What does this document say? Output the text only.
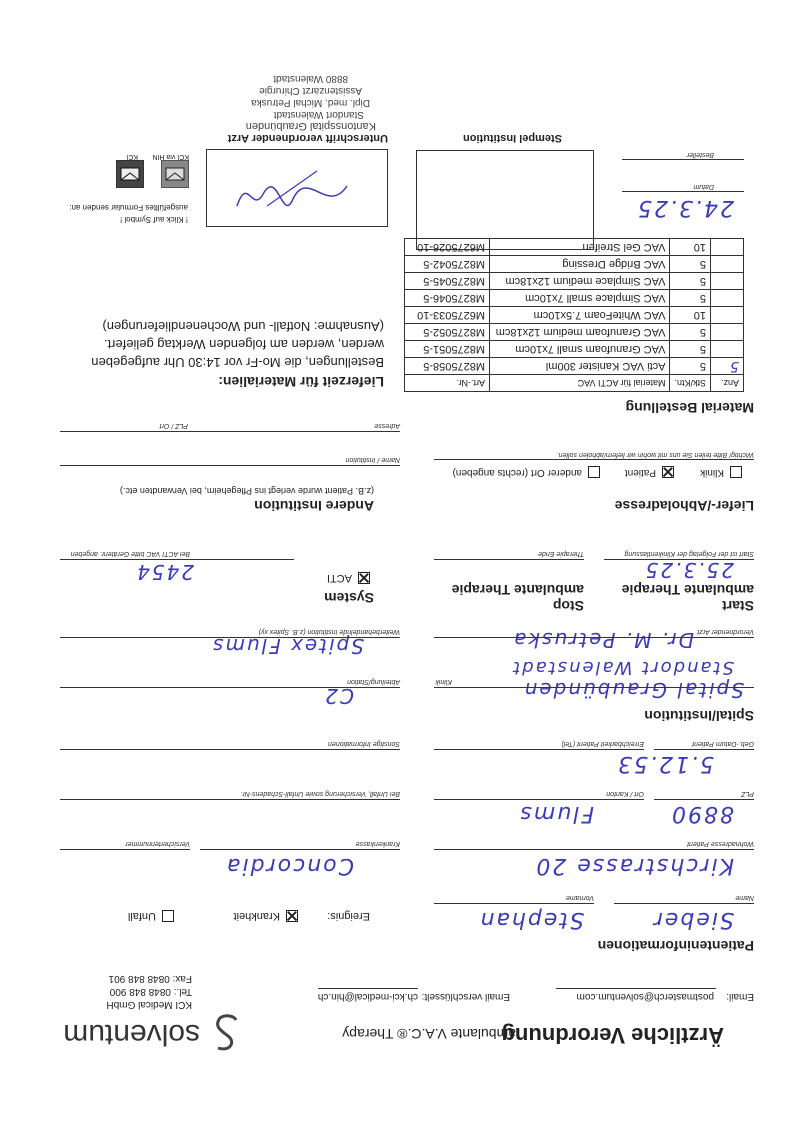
Ärztliche Verordnung
ambulante V.A.C.® Therapy
solventum
Email:
postmasterch@solventum.com
Email verschlüsselt:
ch.kci-medical@hin.ch
KCI Medical GmbH
Tel.: 0848 848 900
Fax: 0848 848 901
Patienteninformationen
Sieber
Stephan
Name
Vorname
Ereignis:
Krankheit
Unfall
Kirchstrasse 20
Wohnadresse Patient
Concordia
Krankenkasse
Versichertennummer
8890
Flums
PLZ
Ort / Kanton
Bei Unfall, Versicherung sowie Unfall-Schadens-Nr.
5.12.53
Geb.-Datum Patient
Erreichbarkeit Patient (Tel)
Sonstige Informationen
Spital/Institution
Spital Graubünden
Standort Walenstadt
Klinik
C2
Abteilung/Station
Dr. M. Petruska Verordnender Arzt
Spitex Flums
Weiterbehandelnde Institution (z.B. Spitex xy)
Start
ambulante Therapie
Stop
ambulante Therapie
System
ACTI	25.3.25
2454
Start ist der Folgetag der Klinikentlassung
Therapie Ende
Bei ACTI VAC bitte Gerätenr. angeben
Liefer-/Abholadresse
Andere Institution
(z.B. Patient wurde verlegt ins Pflegeheim, bei Verwandten etc.)
Klinik
Patient
anderer Ort (rechts angeben)
Wichtig! Bitte teilen Sie uns mit wohin wir liefern/abholen sollen.
Name / Institution
Adresse
PLZ / Ort
Material Bestellung
Anz.	Stk/Ktn.	Material für ACTI VAC	Art.-Nr.
5	5	Acti VAC Kanister 300ml	M8275058-5
	5	VAC Granufoam small 7x10cm	M8275051-5
	5	VAC Granufoam medium 12x18cm	M8275052-5
	10	VAC WhiteFoam 7.5x10cm	M6275033-10
	5	VAC Simplace small 7x10cm	M8275046-5
	5	VAC Simplace medium 12x18cm	M8275045-5
	5	VAC Bridge Dressing	M8275042-5
	10	VAC Gel Streifen	M6275026-10
Lieferzeit für Materialien:
Bestellungen, die Mo-Fr vor 14:30 Uhr aufgegeben
werden, werden am folgenden Werktag geliefert.
(Ausnahme: Notfall- und Wochenendlieferungen)
24.3.25
Datum
Besteller
Stempel Institution
Unterschrift verordnender Arzt
Kantonsspital Graubünden
Standort Walenstadt
Dipl. med. Michal Petruska
Assistenzarzt Chirurgie
8880 Walenstadt
! Klick auf Symbol !
ausgefülltes Formular senden an:
KCI via HIN
KCI
